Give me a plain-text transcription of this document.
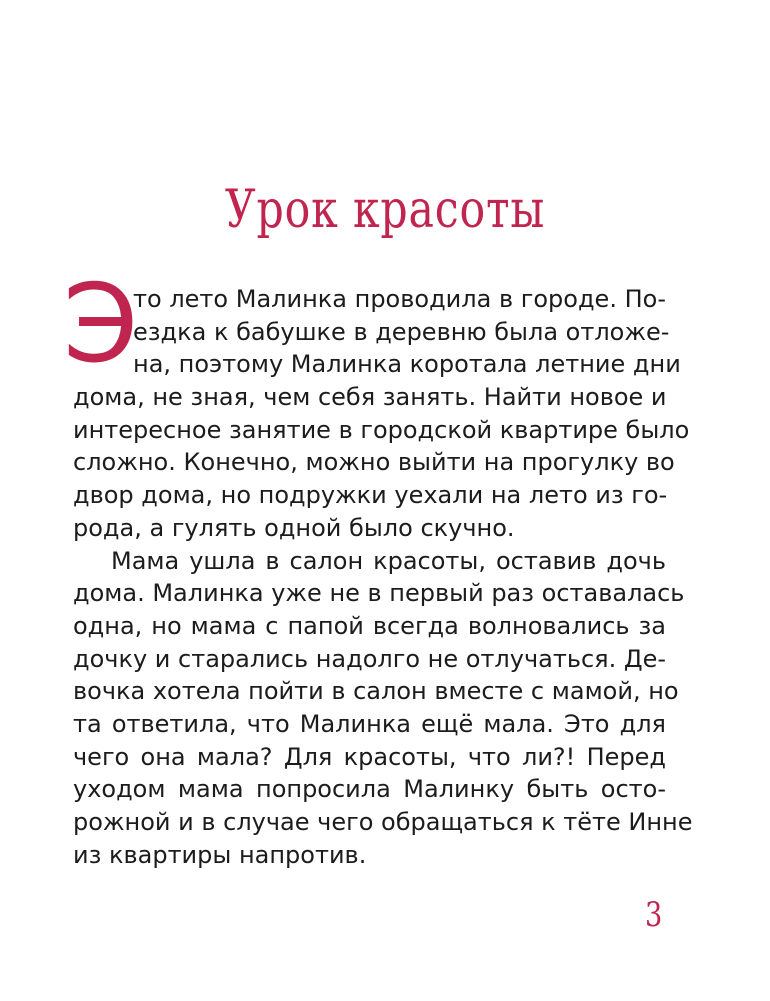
Урок красоты
Э
то лето Малинка проводила в городе. По-
ездка к бабушке в деревню была отложе-
на, поэтому Малинка коротала летние дни
дома, не зная, чем себя занять. Найти новое и
интересное занятие в городской квартире было
сложно. Конечно, можно выйти на прогулку во
двор дома, но подружки уехали на лето из го-
рода, а гулять одной было скучно.
Мама ушла в салон красоты, оставив дочь
дома. Малинка уже не в первый раз оставалась
одна, но мама с папой всегда волновались за
дочку и старались надолго не отлучаться. Де-
вочка хотела пойти в салон вместе с мамой, но
та ответила, что Малинка ещё мала. Это для
чего она мала? Для красоты, что ли?! Перед
уходом мама попросила Малинку быть осто-
рожной и в случае чего обращаться к тёте Инне
из квартиры напротив.
3
